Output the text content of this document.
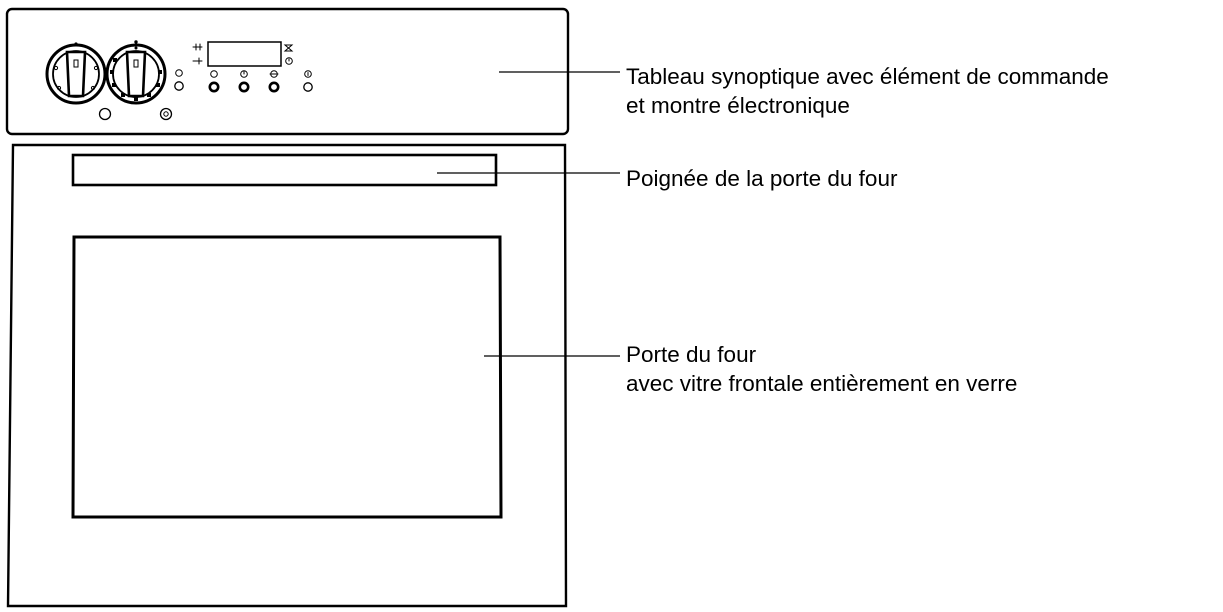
Tableau synoptique avec élément de commande
et montre électronique

Poignée de la porte du four

Porte du four
avec vitre frontale entièrement en verre
